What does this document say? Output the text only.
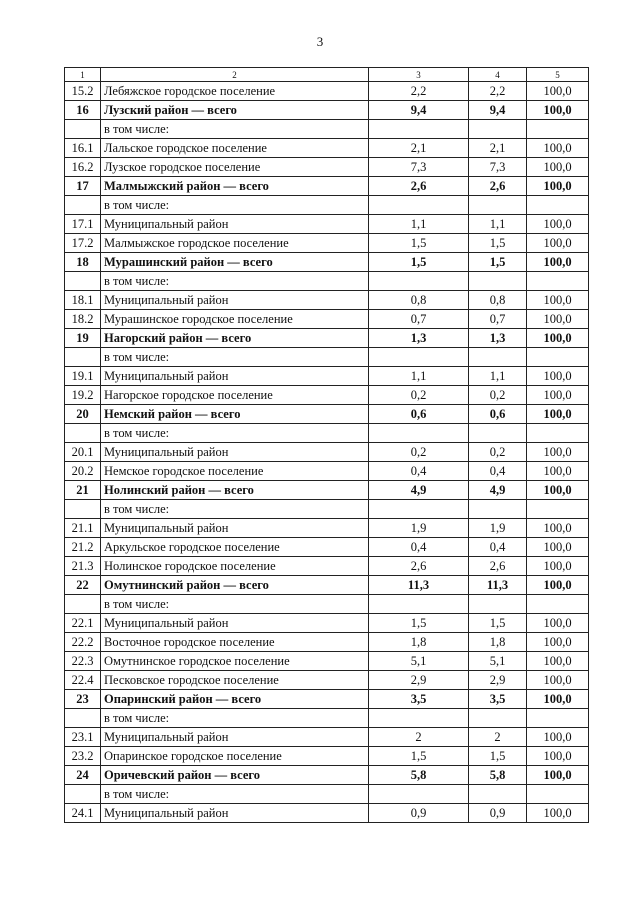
3
1	2	3	4	5
15.2	Лебяжское городское поселение	2,2	2,2	100,0
16	Лузский район — всего	9,4	9,4	100,0
	в том числе:			
16.1	Лальское городское поселение	2,1	2,1	100,0
16.2	Лузское городское поселение	7,3	7,3	100,0
17	Малмыжский район — всего	2,6	2,6	100,0
	в том числе:			
17.1	Муниципальный район	1,1	1,1	100,0
17.2	Малмыжское городское поселение	1,5	1,5	100,0
18	Мурашинский район — всего	1,5	1,5	100,0
	в том числе:			
18.1	Муниципальный район	0,8	0,8	100,0
18.2	Мурашинское городское поселение	0,7	0,7	100,0
19	Нагорский район — всего	1,3	1,3	100,0
	в том числе:			
19.1	Муниципальный район	1,1	1,1	100,0
19.2	Нагорское городское поселение	0,2	0,2	100,0
20	Немский район — всего	0,6	0,6	100,0
	в том числе:			
20.1	Муниципальный район	0,2	0,2	100,0
20.2	Немское городское поселение	0,4	0,4	100,0
21	Нолинский район — всего	4,9	4,9	100,0
	в том числе:			
21.1	Муниципальный район	1,9	1,9	100,0
21.2	Аркульское городское поселение	0,4	0,4	100,0
21.3	Нолинское городское поселение	2,6	2,6	100,0
22	Омутнинский район — всего	11,3	11,3	100,0
	в том числе:			
22.1	Муниципальный район	1,5	1,5	100,0
22.2	Восточное городское поселение	1,8	1,8	100,0
22.3	Омутнинское городское поселение	5,1	5,1	100,0
22.4	Песковское городское поселение	2,9	2,9	100,0
23	Опаринский район — всего	3,5	3,5	100,0
	в том числе:			
23.1	Муниципальный район	2	2	100,0
23.2	Опаринское городское поселение	1,5	1,5	100,0
24	Оричевский район — всего	5,8	5,8	100,0
	в том числе:			
24.1	Муниципальный район	0,9	0,9	100,0
